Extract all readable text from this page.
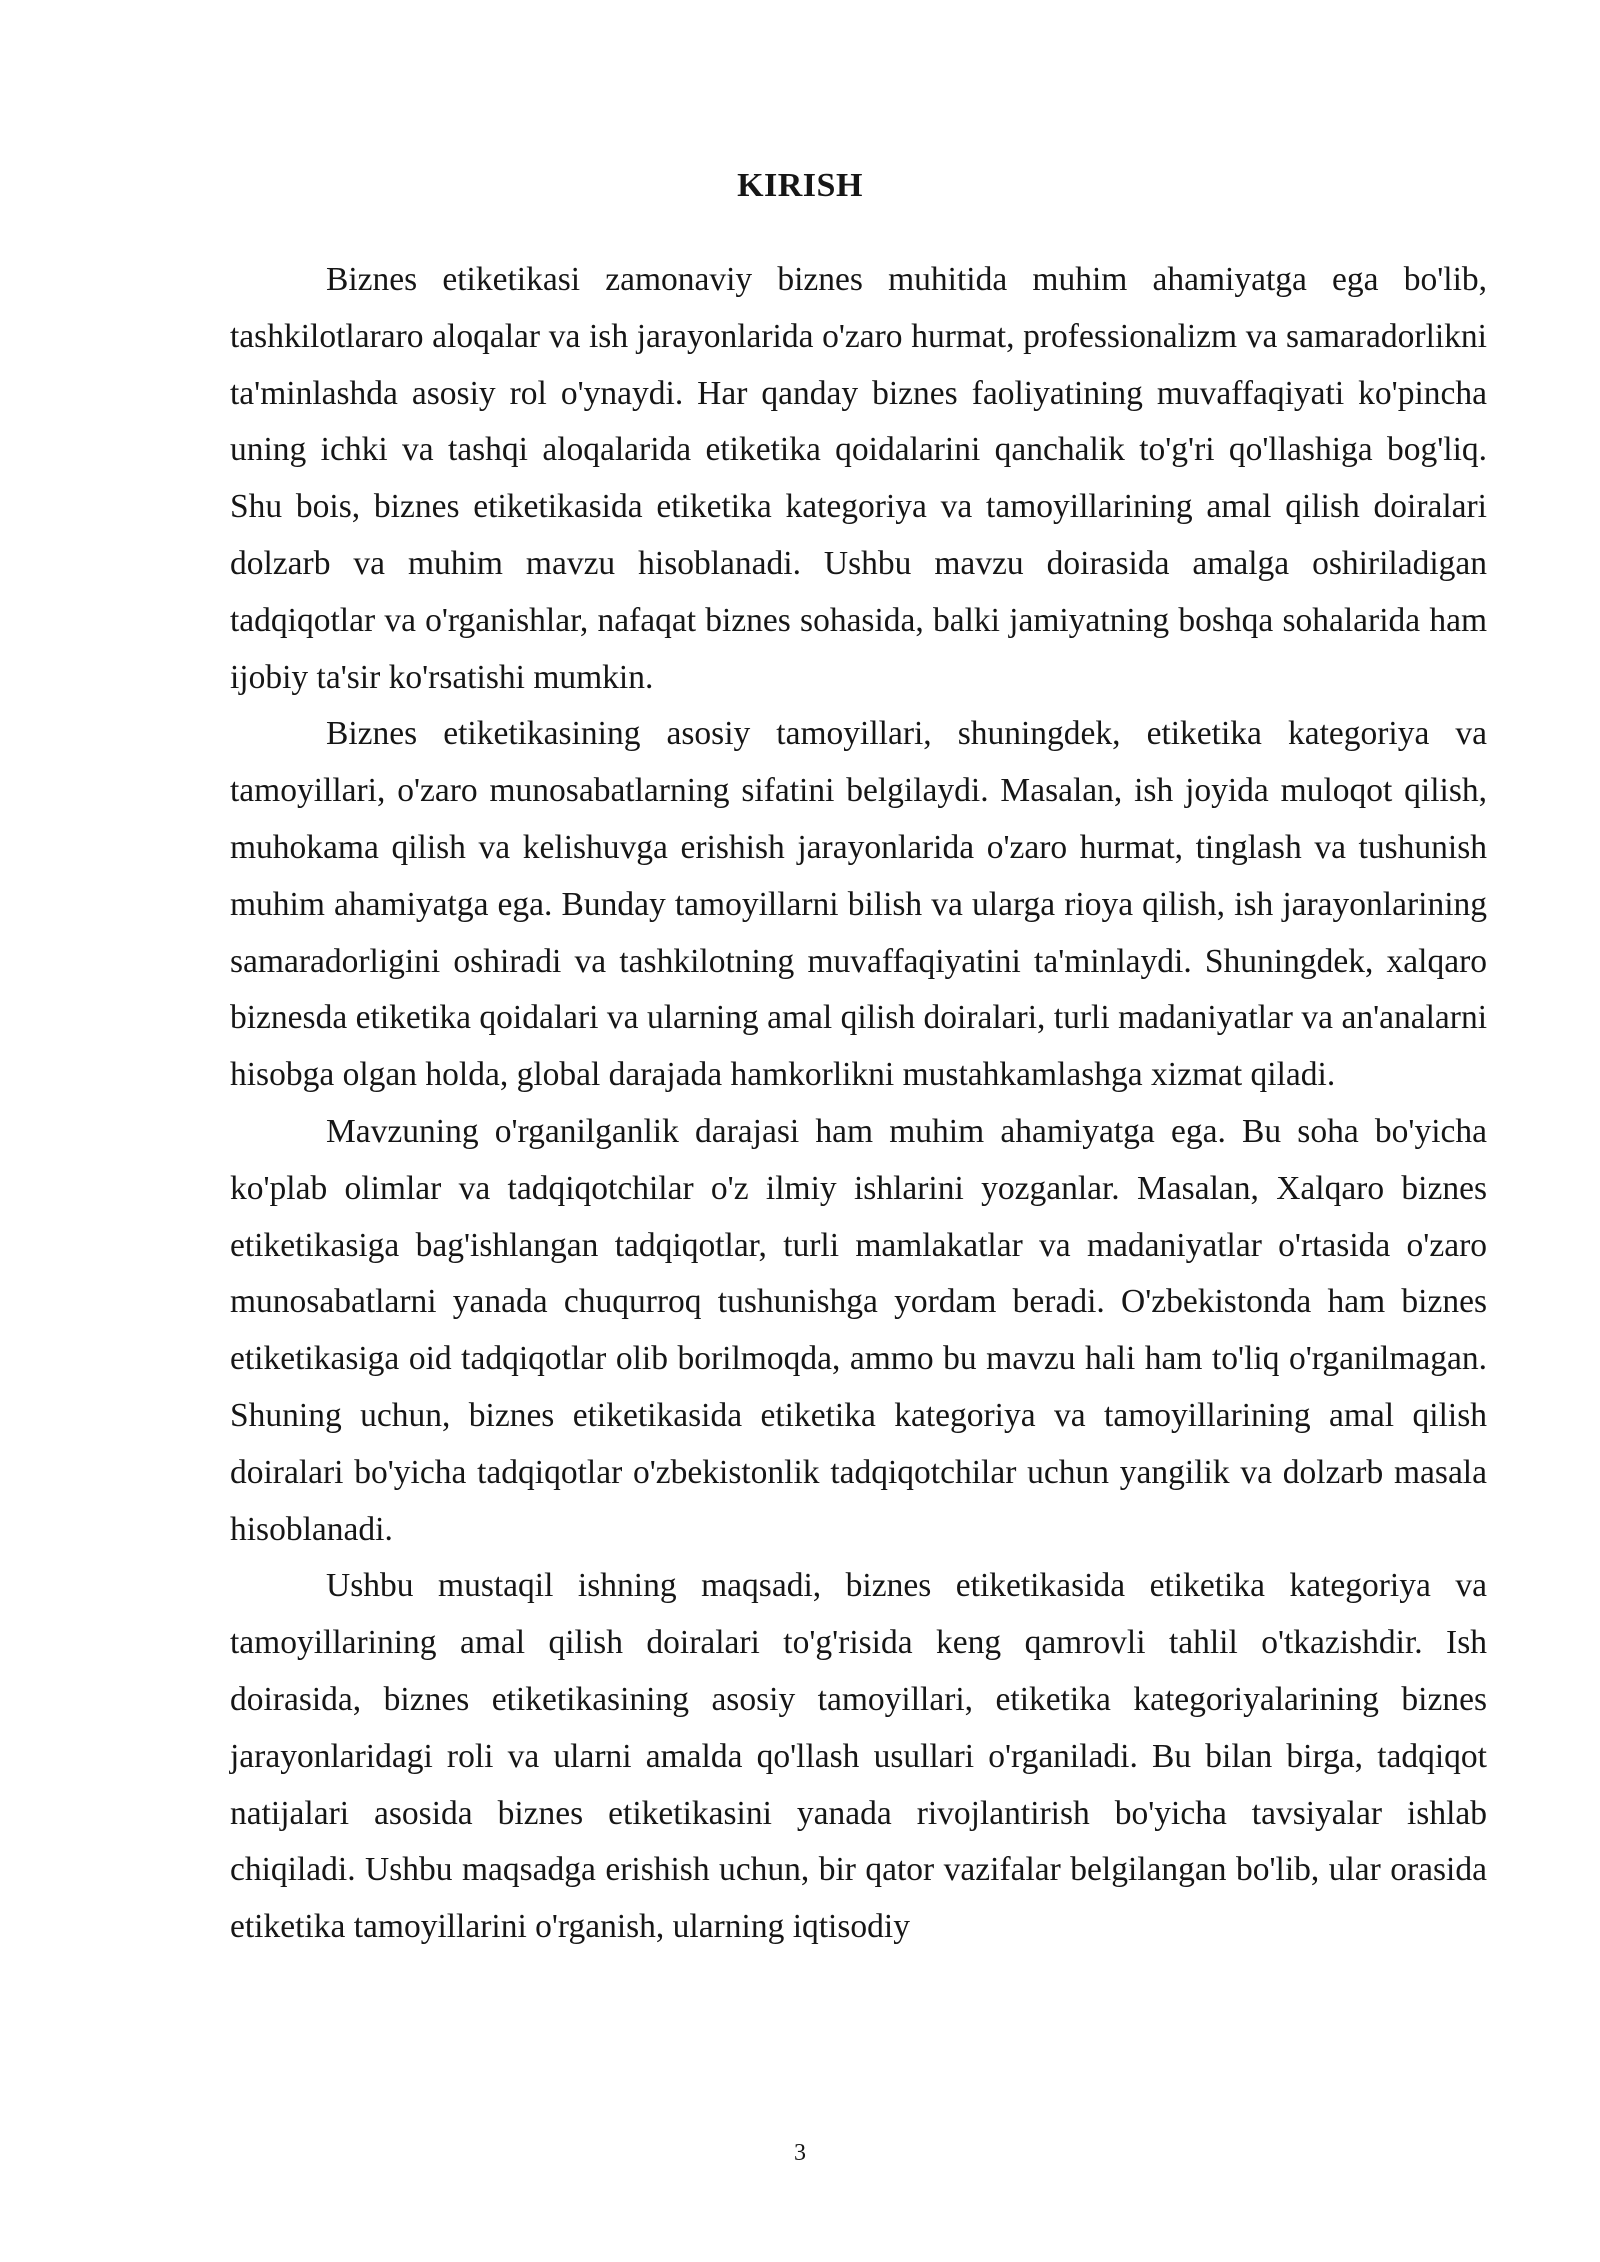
KIRISH

Biznes etiketikasi zamonaviy biznes muhitida muhim ahamiyatga ega bo'lib, tashkilotlararo aloqalar va ish jarayonlarida o'zaro hurmat, professionalizm va samaradorlikni ta'minlashda asosiy rol o'ynaydi. Har qanday biznes faoliyatining muvaffaqiyati ko'pincha uning ichki va tashqi aloqalarida etiketika qoidalarini qanchalik to'g'ri qo'llashiga bog'liq. Shu bois, biznes etiketikasida etiketika kategoriya va tamoyillarining amal qilish doiralari dolzarb va muhim mavzu hisoblanadi. Ushbu mavzu doirasida amalga oshiriladigan tadqiqotlar va o'rganishlar, nafaqat biznes sohasida, balki jamiyatning boshqa sohalarida ham ijobiy ta'sir ko'rsatishi mumkin.

Biznes etiketikasining asosiy tamoyillari, shuningdek, etiketika kategoriya va tamoyillari, o'zaro munosabatlarning sifatini belgilaydi. Masalan, ish joyida muloqot qilish, muhokama qilish va kelishuvga erishish jarayonlarida o'zaro hurmat, tinglash va tushunish muhim ahamiyatga ega. Bunday tamoyillarni bilish va ularga rioya qilish, ish jarayonlarining samaradorligini oshiradi va tashkilotning muvaffaqiyatini ta'minlaydi. Shuningdek, xalqaro biznesda etiketika qoidalari va ularning amal qilish doiralari, turli madaniyatlar va an'analarni hisobga olgan holda, global darajada hamkorlikni mustahkamlashga xizmat qiladi.

Mavzuning o'rganilganlik darajasi ham muhim ahamiyatga ega. Bu soha bo'yicha ko'plab olimlar va tadqiqotchilar o'z ilmiy ishlarini yozganlar. Masalan, Xalqaro biznes etiketikasiga bag'ishlangan tadqiqotlar, turli mamlakatlar va madaniyatlar o'rtasida o'zaro munosabatlarni yanada chuqurroq tushunishga yordam beradi. O'zbekistonda ham biznes etiketikasiga oid tadqiqotlar olib borilmoqda, ammo bu mavzu hali ham to'liq o'rganilmagan. Shuning uchun, biznes etiketikasida etiketika kategoriya va tamoyillarining amal qilish doiralari bo'yicha tadqiqotlar o'zbekistonlik tadqiqotchilar uchun yangilik va dolzarb masala hisoblanadi.

Ushbu mustaqil ishning maqsadi, biznes etiketikasida etiketika kategoriya va tamoyillarining amal qilish doiralari to'g'risida keng qamrovli tahlil o'tkazishdir. Ish doirasida, biznes etiketikasining asosiy tamoyillari, etiketika kategoriyalarining biznes jarayonlaridagi roli va ularni amalda qo'llash usullari o'rganiladi. Bu bilan birga, tadqiqot natijalari asosida biznes etiketikasini yanada rivojlantirish bo'yicha tavsiyalar ishlab chiqiladi. Ushbu maqsadga erishish uchun, bir qator vazifalar belgilangan bo'lib, ular orasida etiketika tamoyillarini o'rganish, ularning iqtisodiy

3
